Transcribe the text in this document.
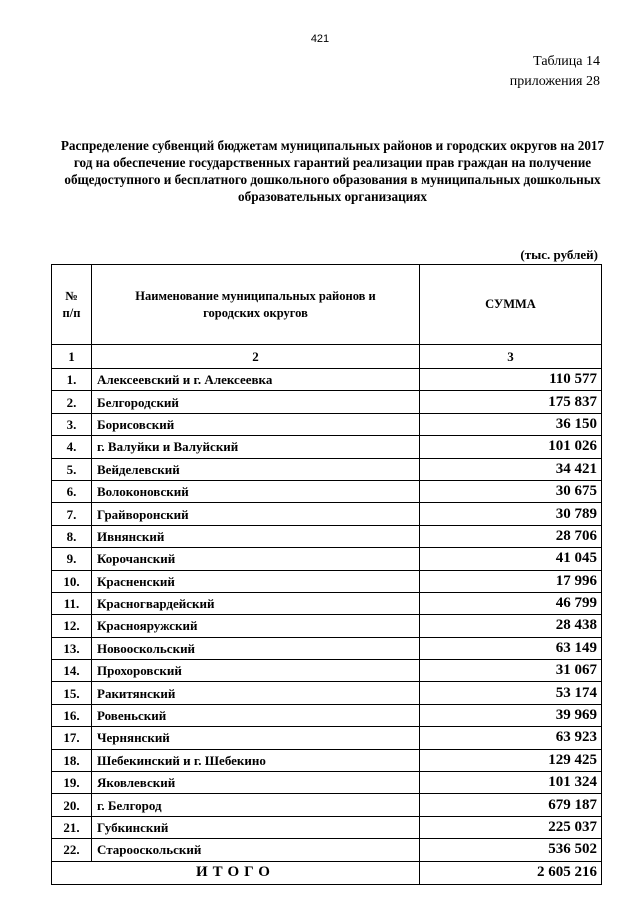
421
Таблица 14
приложения 28
Распределение субвенций бюджетам муниципальных районов и городских округов на 2017 год на обеспечение государственных гарантий реализации прав граждан на получение общедоступного и бесплатного дошкольного образования в муниципальных дошкольных образовательных организациях
(тыс. рублей)
№
п/п	Наименование муниципальных районов и городских округов	СУММА
1	2	3
1.	Алексеевский и г. Алексеевка	110 577
2.	Белгородский	175 837
3.	Борисовский	36 150
4.	г. Валуйки и Валуйский	101 026
5.	Вейделевский	34 421
6.	Волоконовский	30 675
7.	Грайворонский	30 789
8.	Ивнянский	28 706
9.	Корочанский	41 045
10.	Красненский	17 996
11.	Красногвардейский	46 799
12.	Краснояружский	28 438
13.	Новооскольский	63 149
14.	Прохоровский	31 067
15.	Ракитянский	53 174
16.	Ровеньский	39 969
17.	Чернянский	63 923
18.	Шебекинский и г. Шебекино	129 425
19.	Яковлевский	101 324
20.	г. Белгород	679 187
21.	Губкинский	225 037
22.	Старооскольский	536 502
ИТОГО		2 605 216
